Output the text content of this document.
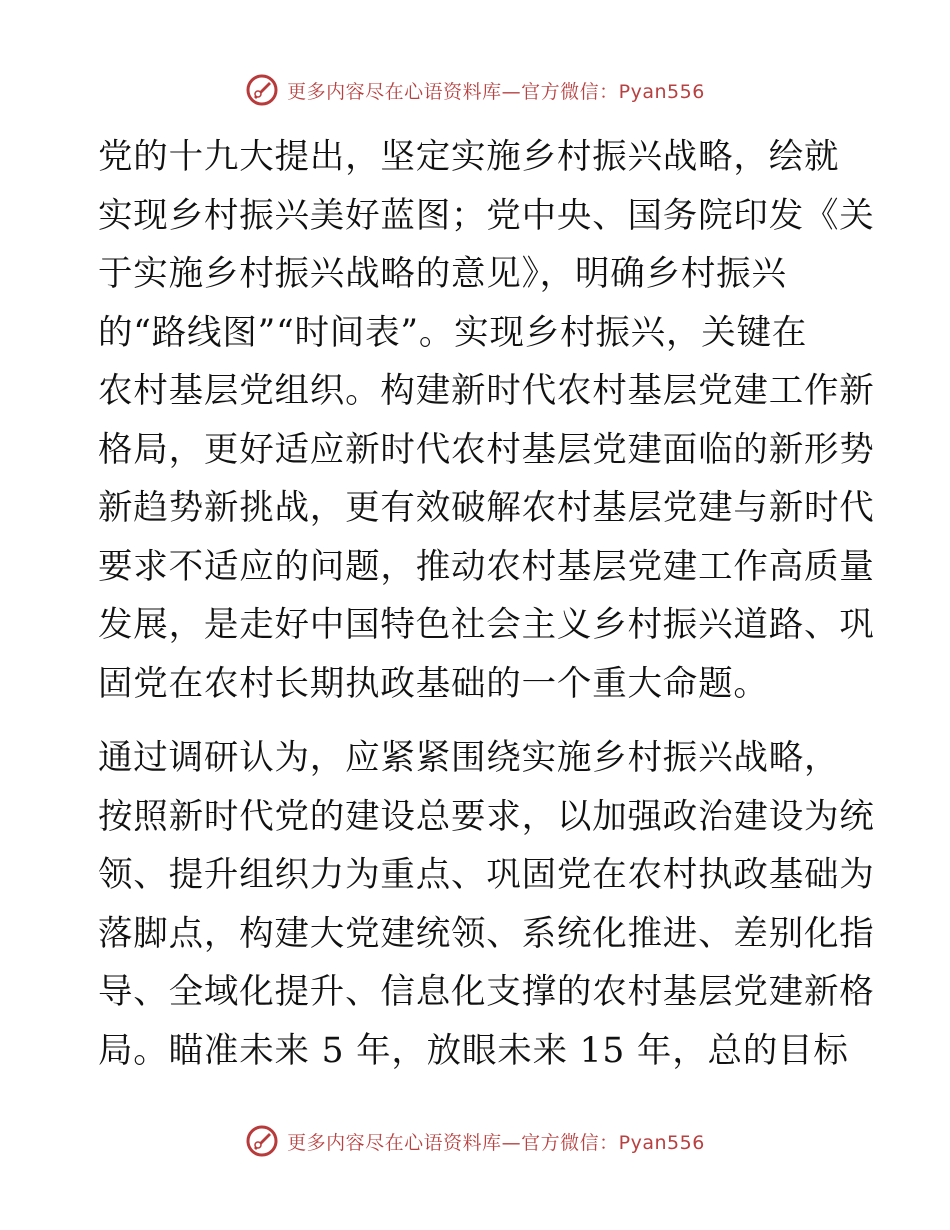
更多内容尽在心语资料库—官方微信：Pyan556

党的十九大提出，坚定实施乡村振兴战略，绘就
实现乡村振兴美好蓝图；党中央、国务院印发《关
于实施乡村振兴战略的意见》，明确乡村振兴
的“路线图”“时间表”。实现乡村振兴，关键在
农村基层党组织。构建新时代农村基层党建工作新
格局，更好适应新时代农村基层党建面临的新形势
新趋势新挑战，更有效破解农村基层党建与新时代
要求不适应的问题，推动农村基层党建工作高质量
发展，是走好中国特色社会主义乡村振兴道路、巩
固党在农村长期执政基础的一个重大命题。

通过调研认为，应紧紧围绕实施乡村振兴战略，
按照新时代党的建设总要求，以加强政治建设为统
领、提升组织力为重点、巩固党在农村执政基础为
落脚点，构建大党建统领、系统化推进、差别化指
导、全域化提升、信息化支撑的农村基层党建新格
局。瞄准未来 5 年，放眼未来 15 年，总的目标

更多内容尽在心语资料库—官方微信：Pyan556
